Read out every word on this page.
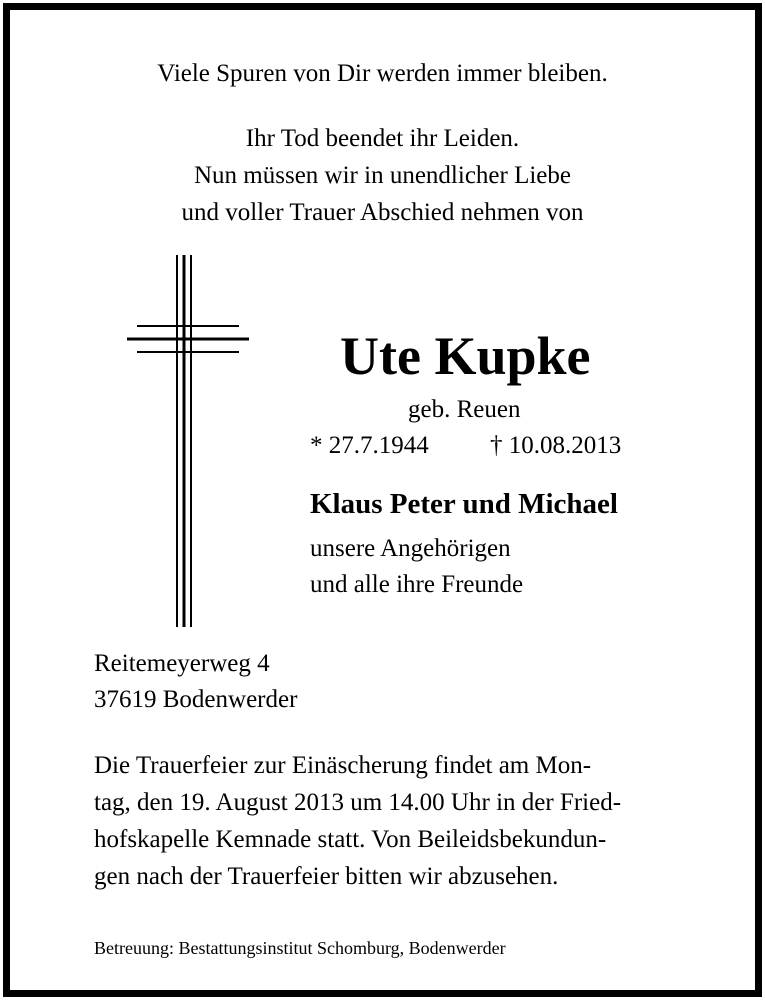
Viele Spuren von Dir werden immer bleiben.
Ihr Tod beendet ihr Leiden.
Nun müssen wir in unendlicher Liebe
und voller Trauer Abschied nehmen von
Ute Kupke
geb. Reuen
* 27.7.1944 † 10.08.2013
Klaus Peter und Michael
unsere Angehörigen
und alle ihre Freunde
Reitemeyerweg 4
37619 Bodenwerder
Die Trauerfeier zur Einäscherung findet am Mon-
tag, den 19. August 2013 um 14.00 Uhr in der Fried-
hofskapelle Kemnade statt. Von Beileidsbekundun-
gen nach der Trauerfeier bitten wir abzusehen.
Betreuung: Bestattungsinstitut Schomburg, Bodenwerder
